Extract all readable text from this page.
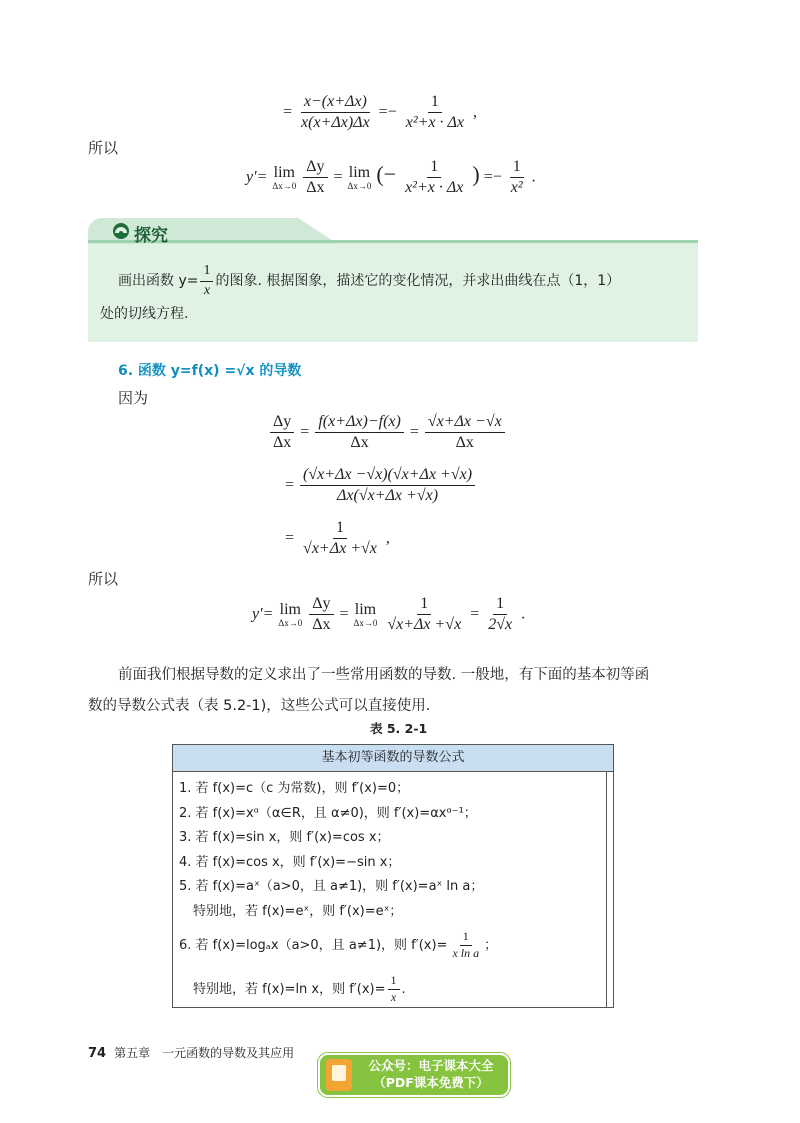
= $\frac{x-(x+\Delta x)}{x(x+\Delta x)\Delta x} =- \frac{1}{\text{x²+x · Δx}}$ ,
所以
y′= lim
Δx→0
$\frac{\Delta y}{\Delta x} = \lim$
Δx→0 (− $\frac{1}{\text{x²+x · Δx}}$ ) =− $\frac{1}{\text{x²}}$ .
探究
画出函数 $y= \frac{1}{x}$ 的图象. 根据图象，描述它的变化情况，并求出曲线在点（1，1）
处的切线方程.
6. 函数 y=f(x) =√x 的导数
因为
$\frac{\Delta y}{\Delta x} = \frac{f(x+\Delta x)-f(x)}{\Delta x} = \frac{√x+\Delta x -√x}{\Delta x}$
= $\frac{(√x+\Delta x -√x)(√x+\Delta x +√x)}{\Delta x(√x+\Delta x +√x)}$
= $\frac{1}{√x+\Delta x +√x}$ ,
所以
y′= lim
Δx→0
$\frac{\Delta y}{\Delta x} = \lim$
Δx→0
$\frac{1}{√x+\Delta x +√x} = \frac{1}{2√x}$ .
前面我们根据导数的定义求出了一些常用函数的导数. 一般地，有下面的基本初等函
数的导数公式表（表 5.2-1)，这些公式可以直接使用.
表 5. 2-1
基本初等函数的导数公式
1. 若 f(x)=c（c 为常数)，则 f′(x)=0；
2. 若 f(x)=xᵅ（α∈R，且 α≠0)，则 f′(x)=αxᵅ⁻¹；
3. 若 f(x)=sin x，则 f′(x)=cos x；
4. 若 f(x)=cos x，则 f′(x)=−sin x；
5. 若 f(x)=aˣ（a>0，且 a≠1)，则 f′(x)=aˣ ln a；
特别地，若 f(x)=eˣ，则 f′(x)=eˣ；
6. 若 f(x)=logₐx（a>0，且 a≠1)，则 $f'(x)= \frac{1}{\text{x ln a}}$ ；
特别地，若 f(x)=ln x，则 $f'(x)= \frac{1}{x}$ .
74 第五章　一元函数的导数及其应用
公众号：电子课本大全
（PDF课本免费下）
